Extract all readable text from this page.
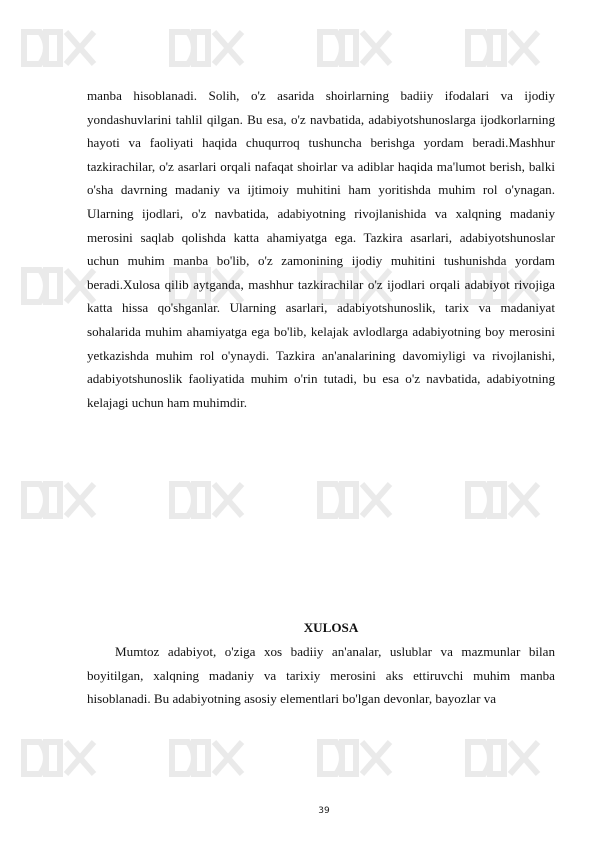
manba hisoblanadi. Solih, o'z asarida shoirlarning badiiy ifodalari va ijodiy yondashuvlarini tahlil qilgan. Bu esa, o'z navbatida, adabiyotshunoslarga ijodkorlarning hayoti va faoliyati haqida chuqurroq tushuncha berishga yordam beradi.Mashhur tazkirachilar, o'z asarlari orqali nafaqat shoirlar va adiblar haqida ma'lumot berish, balki o'sha davrning madaniy va ijtimoiy muhitini ham yoritishda muhim rol o'ynagan. Ularning ijodlari, o'z navbatida, adabiyotning rivojlanishida va xalqning madaniy merosini saqlab qolishda katta ahamiyatga ega. Tazkira asarlari, adabiyotshunoslar uchun muhim manba bo'lib, o'z zamonining ijodiy muhitini tushunishda yordam beradi.Xulosa qilib aytganda, mashhur tazkirachilar o'z ijodlari orqali adabiyot rivojiga katta hissa qo'shganlar. Ularning asarlari, adabiyotshunoslik, tarix va madaniyat sohalarida muhim ahamiyatga ega bo'lib, kelajak avlodlarga adabiyotning boy merosini yetkazishda muhim rol o'ynaydi. Tazkira an'analarining davomiyligi va rivojlanishi, adabiyotshunoslik faoliyatida muhim o'rin tutadi, bu esa o'z navbatida, adabiyotning kelajagi uchun ham muhimdir.

XULOSA

Mumtoz adabiyot, o'ziga xos badiiy an'analar, uslublar va mazmunlar bilan boyitilgan, xalqning madaniy va tarixiy merosini aks ettiruvchi muhim manba hisoblanadi. Bu adabiyotning asosiy elementlari bo'lgan devonlar, bayozlar va

39
